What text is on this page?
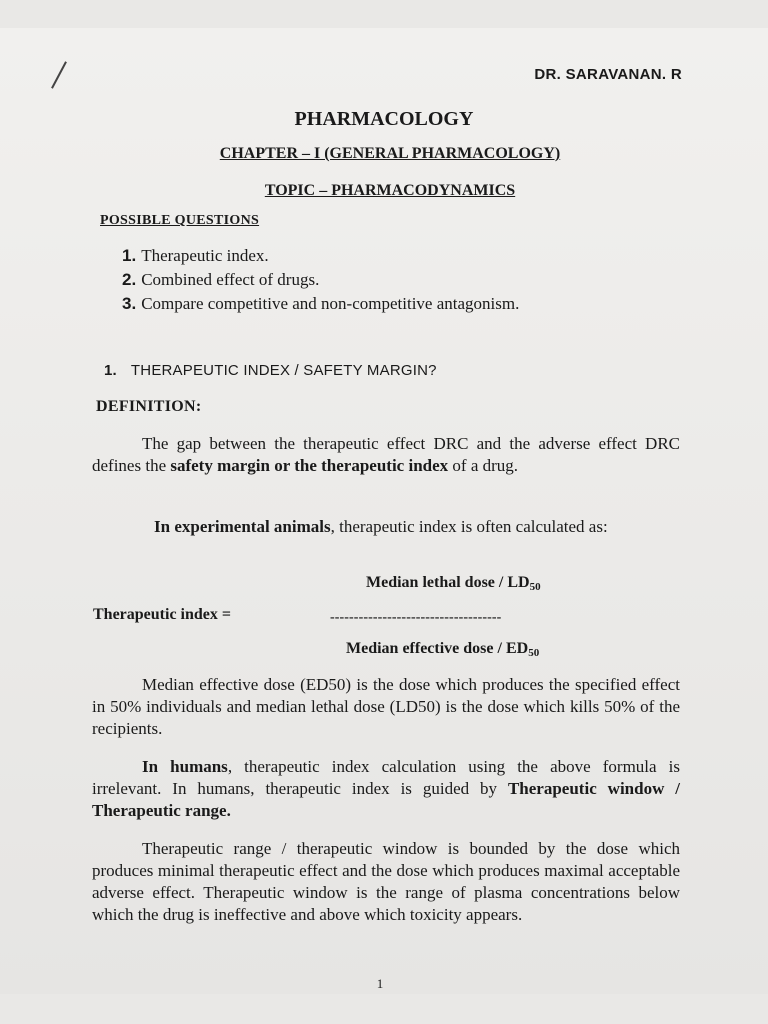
DR. SARAVANAN. R
PHARMACOLOGY
CHAPTER – I (GENERAL PHARMACOLOGY)
TOPIC – PHARMACODYNAMICS
POSSIBLE QUESTIONS
1. Therapeutic index.
2. Combined effect of drugs.
3. Compare competitive and non-competitive antagonism.
1. THERAPEUTIC INDEX / SAFETY MARGIN?
DEFINITION:
The gap between the therapeutic effect DRC and the adverse effect DRC defines the safety margin or the therapeutic index of a drug.
In experimental animals, therapeutic index is often calculated as:
Median lethal dose / $LD_{50}$
Therapeutic index =	------------------------------------
Median effective dose / $ED_{50}$
Median effective dose (ED50) is the dose which produces the specified effect in 50% individuals and median lethal dose (LD50) is the dose which kills 50% of the recipients.
In humans, therapeutic index calculation using the above formula is irrelevant. In humans, therapeutic index is guided by Therapeutic window / Therapeutic range.
Therapeutic range / therapeutic window is bounded by the dose which produces minimal therapeutic effect and the dose which produces maximal acceptable adverse effect. Therapeutic window is the range of plasma concentrations below which the drug is ineffective and above which toxicity appears.
1
